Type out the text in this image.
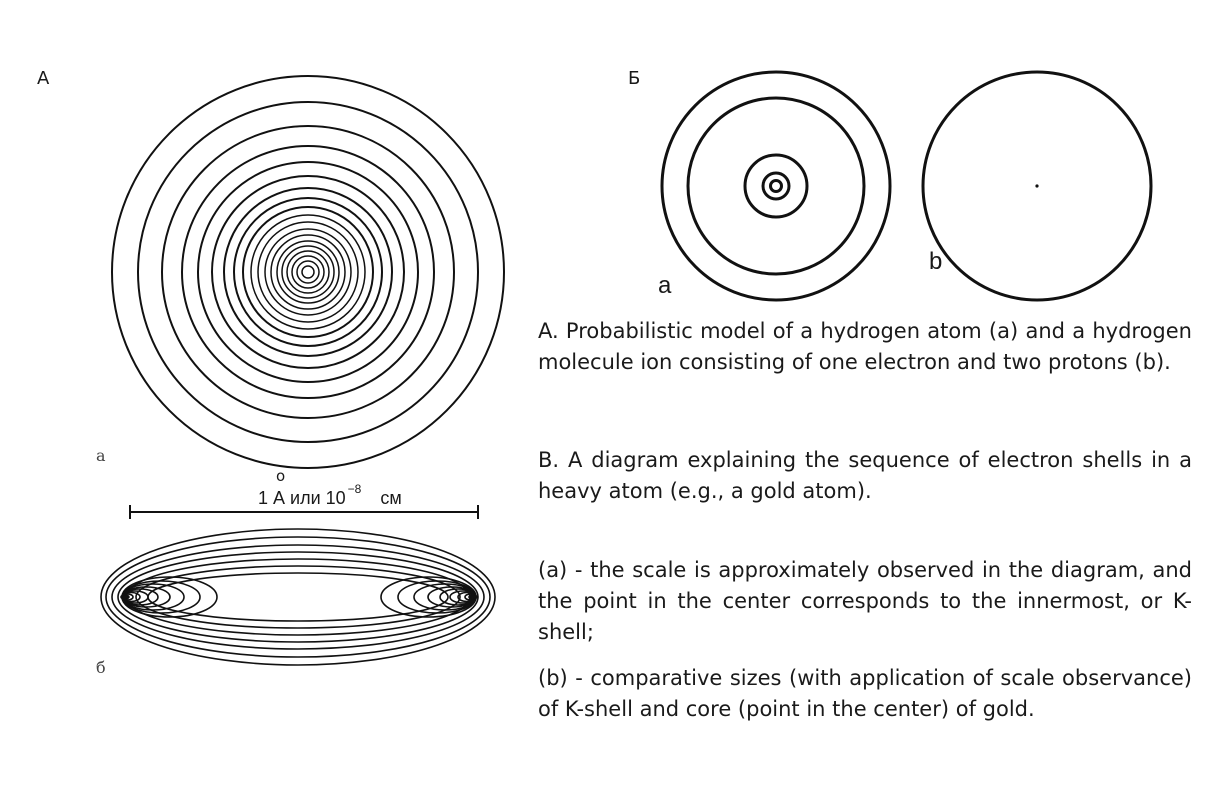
А	Б
а
б
о
1 А или 10 $^{-8}$ см
a
b

A. Probabilistic model of a hydrogen atom (a) and a hydrogen molecule ion consisting of one electron and two protons (b).

B. A diagram explaining the sequence of electron shells in a heavy atom (e.g., a gold atom).

(a) - the scale is approximately observed in the diagram, and the point in the center corresponds to the innermost, or K-shell;

(b) - comparative sizes (with application of scale observance) of K-shell and core (point in the center) of gold.
